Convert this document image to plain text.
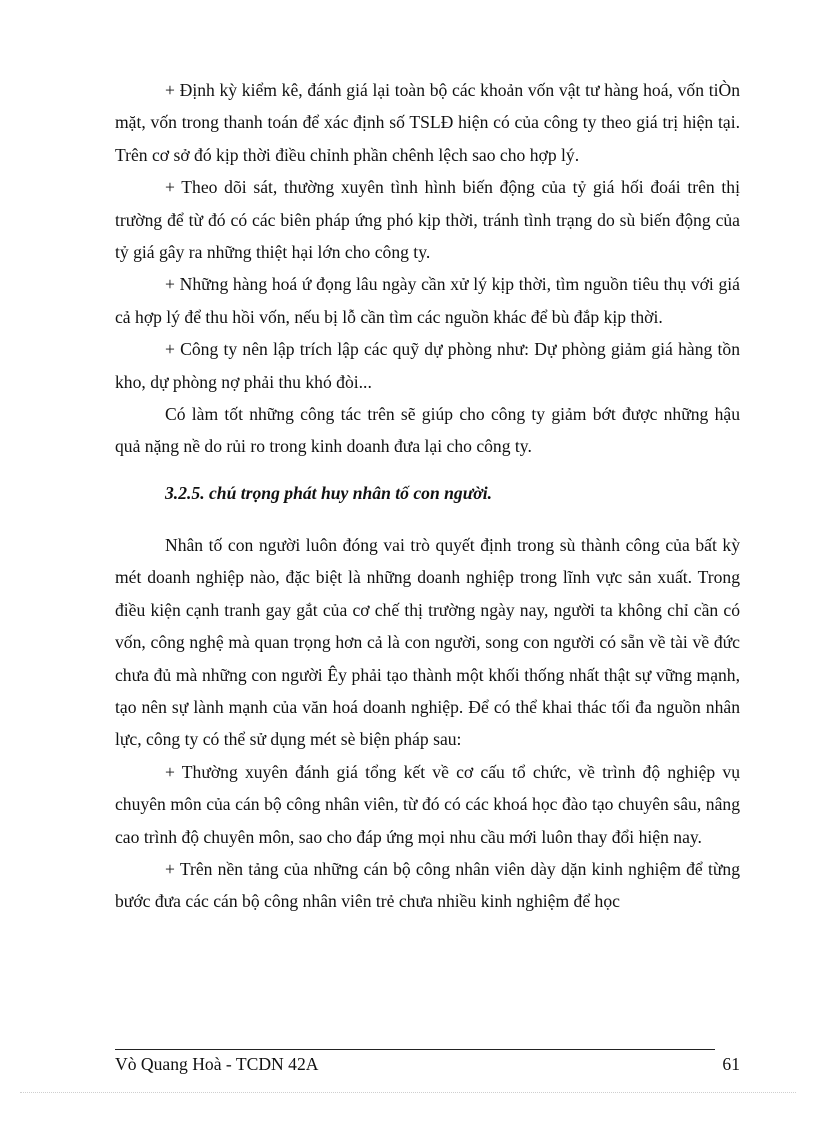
+ Định kỳ kiểm kê, đánh giá lại toàn bộ các khoản vốn vật tư hàng hoá, vốn tiÒn mặt, vốn trong thanh toán để xác định số TSLĐ hiện có của công ty theo giá trị hiện tại. Trên cơ sở đó kịp thời điều chỉnh phần chênh lệch sao cho hợp lý.

+ Theo dõi sát, thường xuyên tình hình biến động của tỷ giá hối đoái trên thị trường để từ đó có các biên pháp ứng phó kịp thời, tránh tình trạng do sù biến động của tỷ giá gây ra những thiệt hại lớn cho công ty.

+ Những hàng hoá ứ đọng lâu ngày cần xử lý kịp thời, tìm nguồn tiêu thụ với giá cả hợp lý để thu hồi vốn, nếu bị lỗ cần tìm các nguồn khác để bù đắp kịp thời.

+ Công ty nên lập trích lập các quỹ dự phòng như: Dự phòng giảm giá hàng tồn kho, dự phòng nợ phải thu khó đòi...

Có làm tốt những công tác trên sẽ giúp cho công ty giảm bớt được những hậu quả nặng nề do rủi ro trong kinh doanh đưa lại cho công ty.

3.2.5. chú trọng phát huy nhân tố con người.

Nhân tố con người luôn đóng vai trò quyết định trong sù thành công của bất kỳ mét doanh nghiệp nào, đặc biệt là những doanh nghiệp trong lĩnh vực sản xuất. Trong điều kiện cạnh tranh gay gắt của cơ chế thị trường ngày nay, người ta không chỉ cần có vốn, công nghệ mà quan trọng hơn cả là con người, song con người có sẵn về tài về đức chưa đủ mà những con người Êy phải tạo thành một khối thống nhất thật sự vững mạnh, tạo nên sự lành mạnh của văn hoá doanh nghiệp. Để có thể khai thác tối đa nguồn nhân lực, công ty có thể sử dụng mét sè biện pháp sau:

+ Thường xuyên đánh giá tổng kết về cơ cấu tổ chức, về trình độ nghiệp vụ chuyên môn của cán bộ công nhân viên, từ đó có các khoá học đào tạo chuyên sâu, nâng cao trình độ chuyên môn, sao cho đáp ứng mọi nhu cầu mới luôn thay đổi hiện nay.

+ Trên nền tảng của những cán bộ công nhân viên dày dặn kinh nghiệm để từng bước đưa các cán bộ công nhân viên trẻ chưa nhiều kinh nghiệm để học

Vò Quang Hoà - TCDN 42A	61
